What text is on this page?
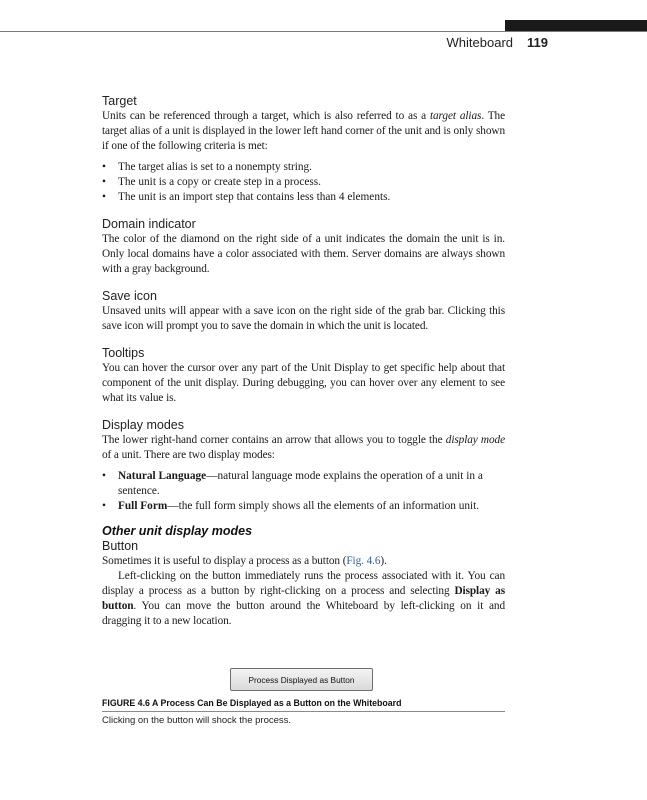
Whiteboard 119
Target

Units can be referenced through a target, which is also referred to as a target alias. The target alias of a unit is displayed in the lower left hand corner of the unit and is only shown if one of the following criteria is met:

• The target alias is set to a nonempty string.
• The unit is a copy or create step in a process.
• The unit is an import step that contains less than 4 elements.
Domain indicator

The color of the diamond on the right side of a unit indicates the domain the unit is in. Only local domains have a color associated with them. Server domains are always shown with a gray background.

Save icon

Unsaved units will appear with a save icon on the right side of the grab bar. Clicking this save icon will prompt you to save the domain in which the unit is located.

Tooltips

You can hover the cursor over any part of the Unit Display to get specific help about that component of the unit display. During debugging, you can hover over any element to see what its value is.

Display modes

The lower right-hand corner contains an arrow that allows you to toggle the display mode of a unit. There are two display modes:

• Natural Language—natural language mode explains the operation of a unit in a sentence.
• Full Form—the full form simply shows all the elements of an information unit.
Other unit display modes
Button

Sometimes it is useful to display a process as a button (Fig. 4.6).

Left-clicking on the button immediately runs the process associated with it. You can display a process as a button by right-clicking on a process and selecting Display as button. You can move the button around the Whiteboard by left-clicking on it and dragging it to a new location.

Process Displayed as Button
FIGURE 4.6 A Process Can Be Displayed as a Button on the Whiteboard
Clicking on the button will shock the process.
